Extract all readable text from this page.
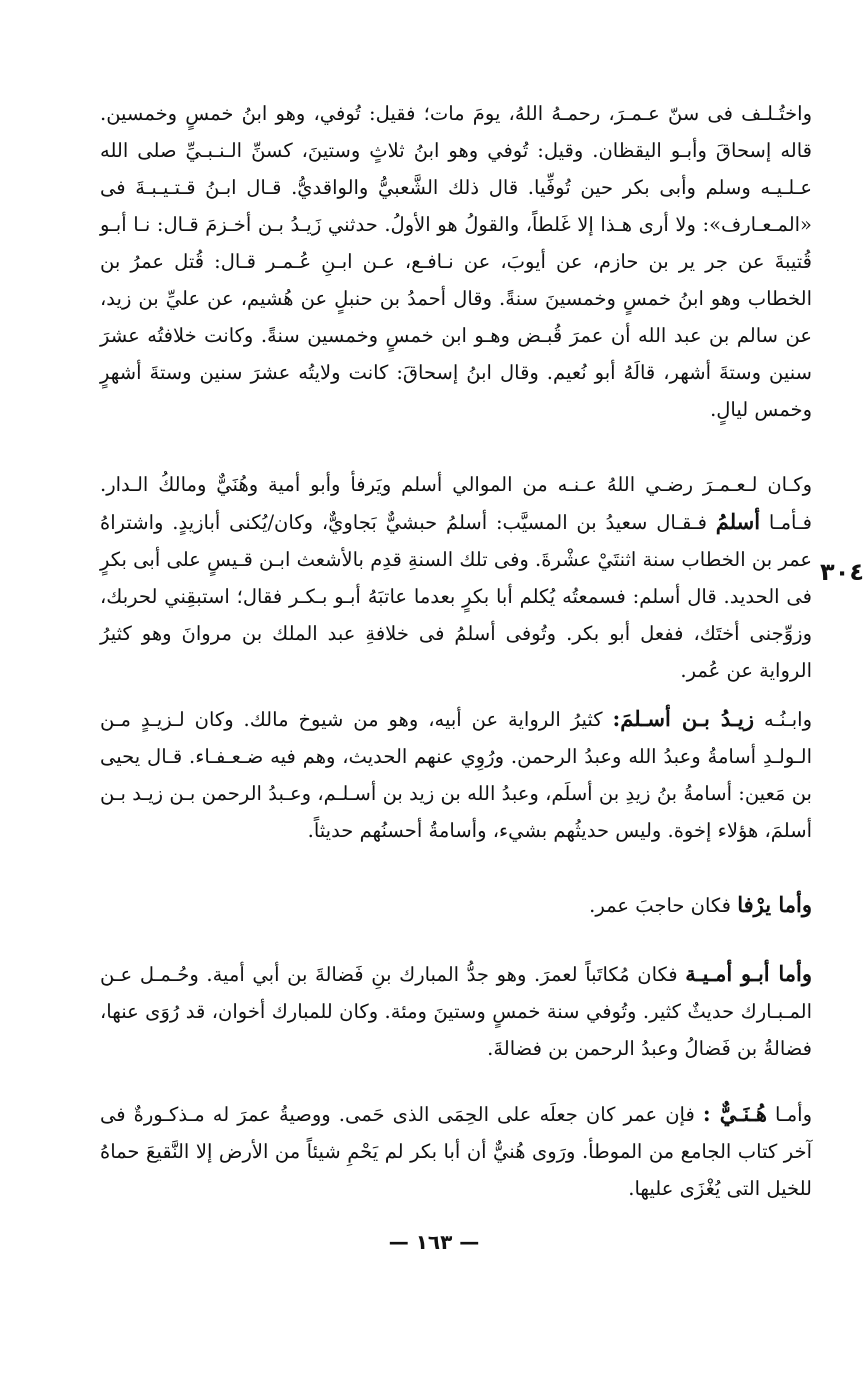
واختُـلـف فى سنّ عـمـرَ، رحمـهُ اللهُ، يومَ مات؛ فقيل: تُوفي، وهو ابنُ خمسٍ وخمسين. قاله إسحاقَ وأبـو اليقظان. وقيل: تُوفي وهو ابنُ ثلاثٍ وستينَ، كسنِّ الـنـبـيِّ صلى الله عـلـيـه وسلم وأبى بكر حين تُوفِّيا. قال ذلك الشَّعبيُّ والواقديُّ. قـال ابـنُ قـتـيـبـةَ فى «المـعـارف»: ولا أرى هـذا إلا غَلطاً، والقولُ هو الأولُ. حدثني زَيـدُ بـن أخـزمَ قـال: نـا أبـو قُتيبةَ عن جر ير بن حازم، عن أيوبَ، عن نـافـع، عـن ابـنِ عُـمـر قـال: قُتل عمرُ بن الخطاب وهو ابنُ خمسٍ وخمسينَ سنةً. وقال أحمدُ بن حنبلٍ عن هُشيم، عن عليِّ بن زيد، عن سالم بن عبد الله أن عمرَ قُبـض وهـو ابن خمسٍ وخمسين سنةً. وكانت خلافتُه عشرَ سنين وستةَ أشهر، قالَهُ أبو نُعيم. وقال ابنُ إسحاقَ: كانت ولايتُه عشرَ سنين وستةَ أشهرٍ وخمس ليالٍ.

٣٠٤

وكـان لـعـمـرَ رضـي اللهُ عـنـه من الموالي أسلم ويَرفأ وأبو أمية وهُنَيٌّ ومالكُ الـدار. فـأمـا أسلمُ فـقـال سعيدُ بن المسيَّب: أسلمُ حبشيٌّ بَجاويٌّ، وكان/يُكنى أبازيدٍ. واشتراهُ عمر بن الخطاب سنة اثنتَيْ عشْرةَ. وفى تلك السنةِ قدِم بالأشعث ابـن قـيسٍ على أبى بكرٍ فى الحديد. قال أسلم: فسمعتُه يُكلم أبا بكرٍ بعدما عاتبَهُ أبـو بـكـر فقال؛ استبقِني لحربك، وزوِّجنى أختَك، ففعل أبو بكر. وتُوفى أسلمُ فى خلافةِ عبد الملك بن مروانَ وهو كثيرُ الرواية عن عُمر.

وابـنُـه زيـدُ بـن أسـلمَ: كثيرُ الرواية عن أبيه، وهو من شيوخ مالك. وكان لـزيـدٍ مـن الـولـدِ أسامةُ وعبدُ الله وعبدُ الرحمن. ورُوِي عنهم الحديث، وهم فيه ضـعـفـاء. قـال يحيى بن مَعين: أسامةُ بنُ زيدِ بن أسلَم، وعبدُ الله بن زيد بن أسـلـم، وعـبدُ الرحمن بـن زيـد بـن أسلمَ، هؤلاء إخوة. وليس حديثُهم بشيء، وأسامةُ أحسنُهم حديثاً.

وأما يرْفا فكان حاجبَ عمر.

وأما أبـو أمـيـة فكان مُكاتَباً لعمرَ. وهو جدُّ المبارك بنِ فَضالةَ بن أبي أمية. وحُـمـل عـن المـبـارك حديثٌ كثير. وتُوفي سنة خمسٍ وستينَ ومئة. وكان للمبارك أخوان، قد رُوَى عنها، فضالةُ بن فَضالُ وعبدُ الرحمن بن فضالةَ.

وأمـا هُـنَـيٌّ : فإن عمر كان جعلَه على الحِمَى الذى حَمى. ووصيةُ عمرَ له مـذكـورةٌ فى آخر كتاب الجامع من الموطأ. ورَوى هُنيٌّ أن أبا بكر لم يَحْمِ شيئاً من الأرض إلا النَّقيعَ حماهُ للخيل التى يُغْزَى عليها.

— ١٦٣ —
